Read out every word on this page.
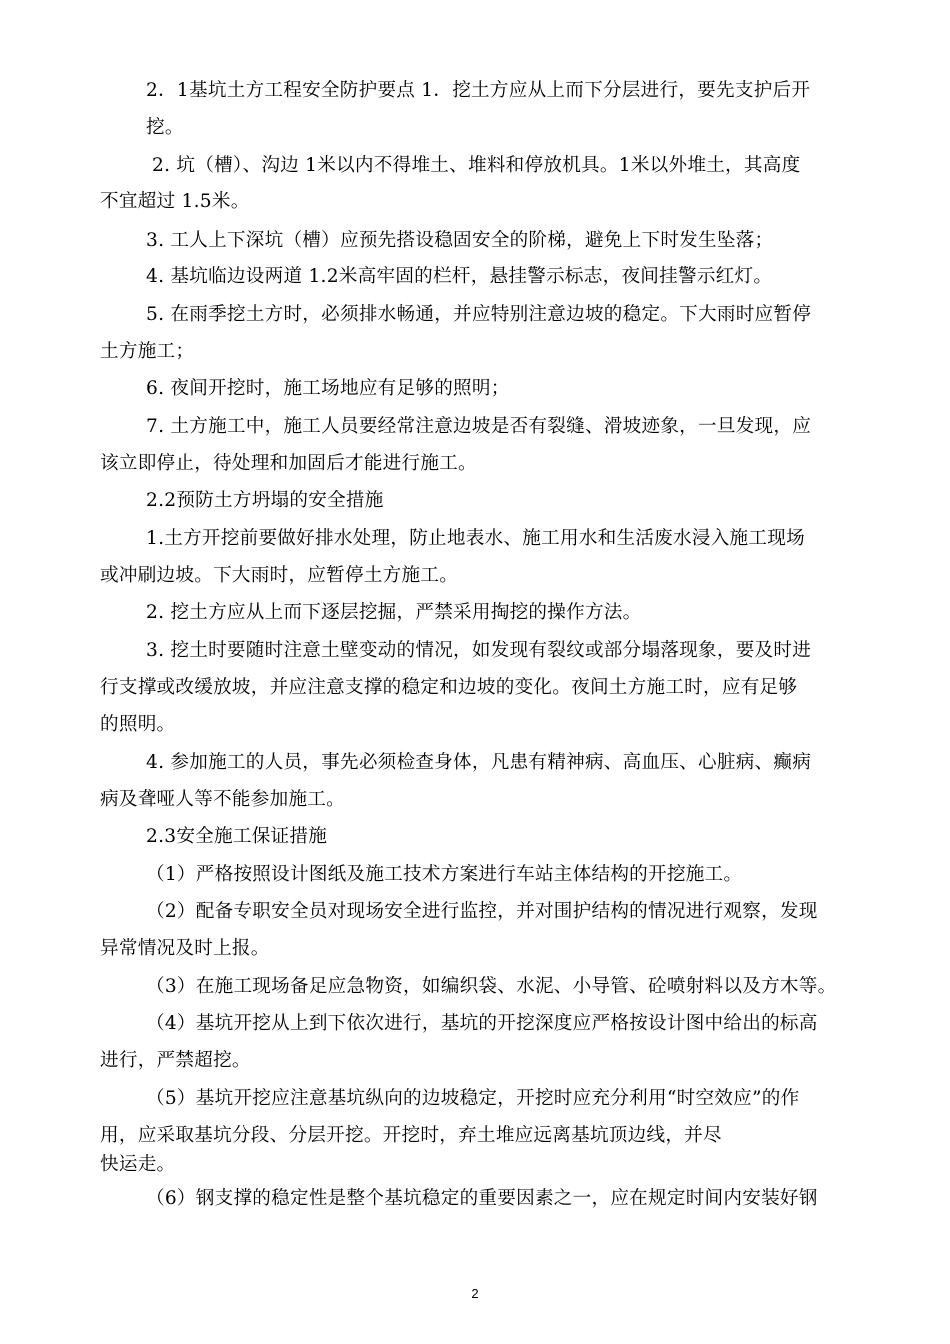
2．1基坑土方工程安全防护要点 1．挖土方应从上而下分层进行，要先支护后开
挖。
2. 坑（槽）、沟边 1米以内不得堆土、堆料和停放机具。1米以外堆土，其高度
不宜超过 1.5米。
3. 工人上下深坑（槽）应预先搭设稳固安全的阶梯，避免上下时发生坠落；
4. 基坑临边设两道 1.2米高牢固的栏杆，悬挂警示标志，夜间挂警示红灯。
5. 在雨季挖土方时，必须排水畅通，并应特别注意边坡的稳定。下大雨时应暂停
土方施工；
6. 夜间开挖时，施工场地应有足够的照明；
7. 土方施工中，施工人员要经常注意边坡是否有裂缝、滑坡迹象，一旦发现，应
该立即停止，待处理和加固后才能进行施工。
2.2预防土方坍塌的安全措施
1.土方开挖前要做好排水处理，防止地表水、施工用水和生活废水浸入施工现场
或冲刷边坡。下大雨时，应暂停土方施工。
2. 挖土方应从上而下逐层挖掘，严禁采用掏挖的操作方法。
3. 挖土时要随时注意土壁变动的情况，如发现有裂纹或部分塌落现象，要及时进
行支撑或改缓放坡，并应注意支撑的稳定和边坡的变化。夜间土方施工时，应有足够
的照明。
4. 参加施工的人员，事先必须检查身体，凡患有精神病、高血压、心脏病、癫病
病及聋哑人等不能参加施工。
2.3安全施工保证措施
（1）严格按照设计图纸及施工技术方案进行车站主体结构的开挖施工。
（2）配备专职安全员对现场安全进行监控，并对围护结构的情况进行观察，发现
异常情况及时上报。
（3）在施工现场备足应急物资，如编织袋、水泥、小导管、砼喷射料以及方木等。
（4）基坑开挖从上到下依次进行，基坑的开挖深度应严格按设计图中给出的标高
进行，严禁超挖。
（5）基坑开挖应注意基坑纵向的边坡稳定，开挖时应充分利用“时空效应”的作
用，应采取基坑分段、分层开挖。开挖时，弃土堆应远离基坑顶边线，并尽
快运走。
（6）钢支撑的稳定性是整个基坑稳定的重要因素之一，应在规定时间内安装好钢
2
